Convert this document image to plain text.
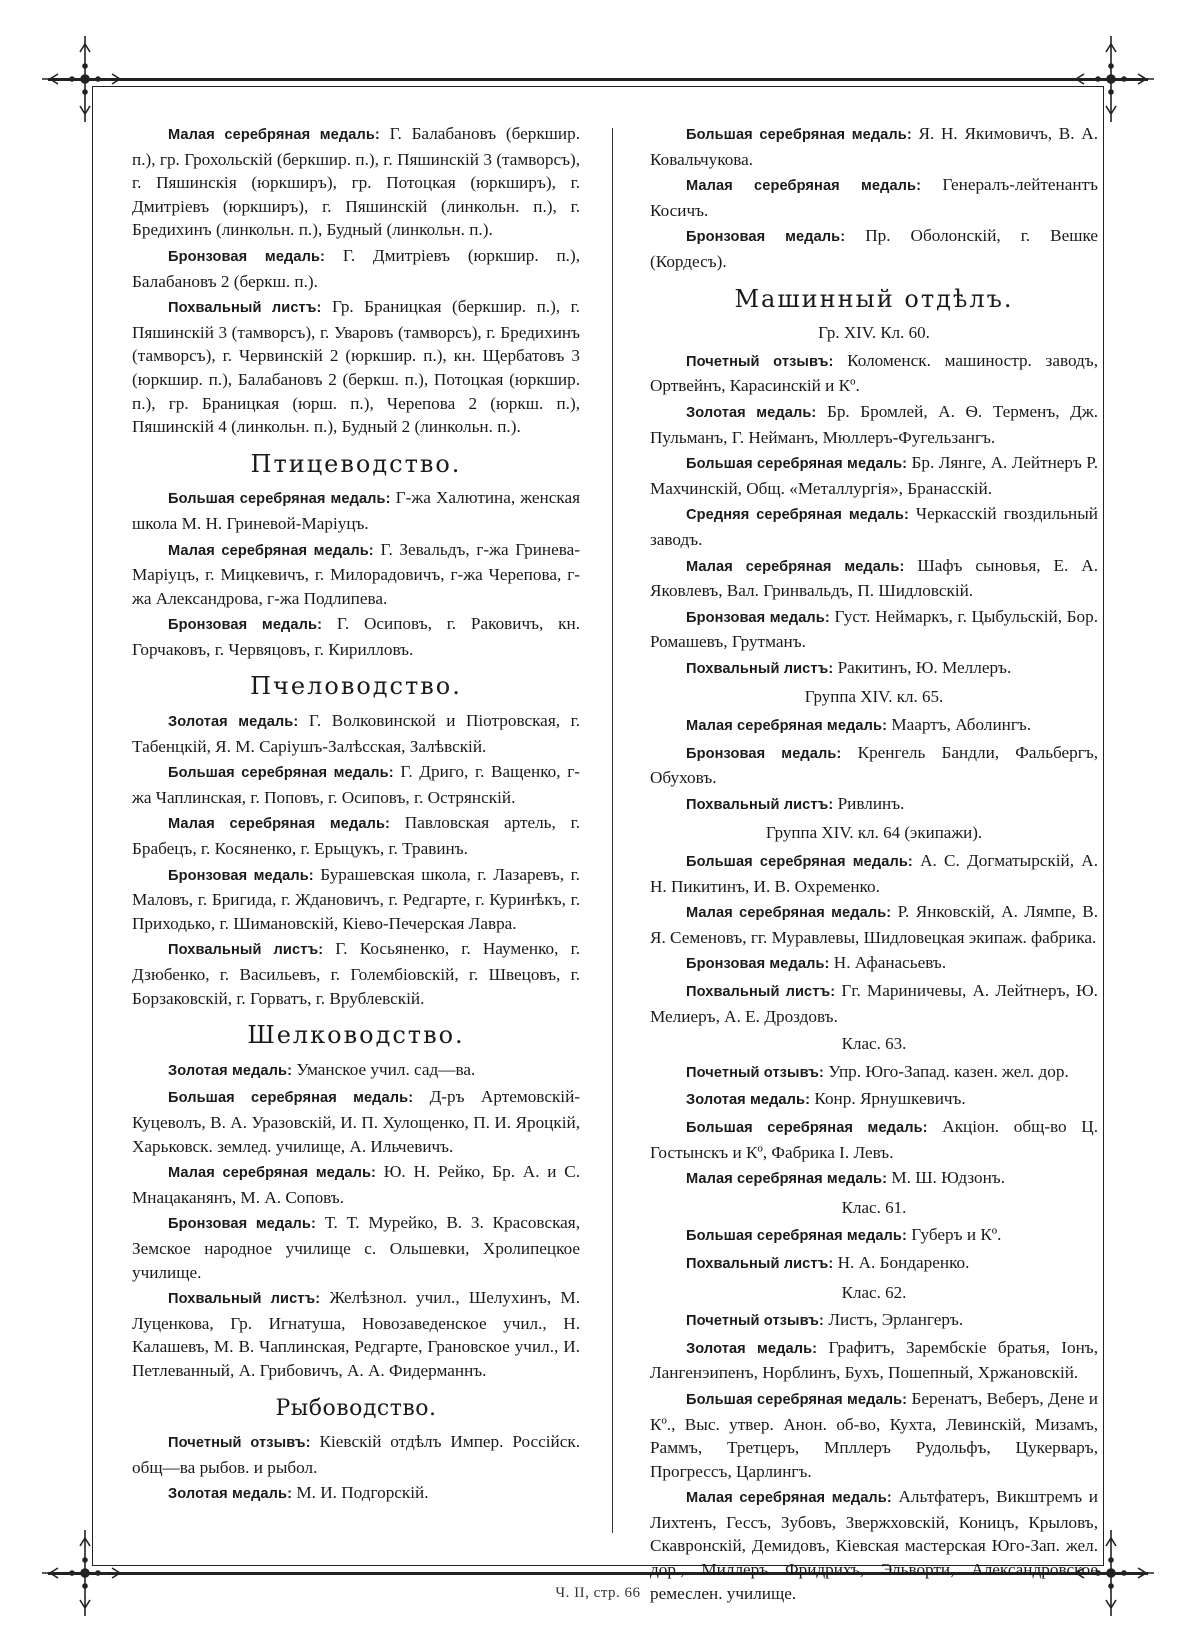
Малая серебряная медаль: Г. Балабановъ (беркшир. п.), гр. Грохольскій (беркшир. п.), г. Пяшинскій 3 (тамворсъ), г. Пяшинскія (юркширъ), гр. Потоцкая (юркширъ), г. Дмитріевъ (юркширъ), г. Пяшинскій (линкольн. п.), г. Бредихинъ (линкольн. п.), Будный (линкольн. п.).

Бронзовая медаль: Г. Дмитріевъ (юркшир. п.), Балабановъ 2 (беркш. п.).

Похвальный листъ: Гр. Браницкая (беркшир. п.), г. Пяшинскій 3 (тамворсъ), г. Уваровъ (тамворсъ), г. Бредихинъ (тамворсъ), г. Червинскій 2 (юркшир. п.), кн. Щербатовъ 3 (юркшир. п.), Балабановъ 2 (беркш. п.), Потоцкая (юркшир. п.), гр. Браницкая (юрш. п.), Черепова 2 (юркш. п.), Пяшинскій 4 (линкольн. п.), Будный 2 (линкольн. п.).

Птицеводство.

Большая серебряная медаль: Г-жа Халютина, женская школа М. Н. Гриневой-Маріуцъ.

Малая серебряная медаль: Г. Зевальдъ, г-жа Гринева-Маріуцъ, г. Мицкевичъ, г. Милорадовичъ, г-жа Черепова, г-жа Александрова, г-жа Подлипева.

Бронзовая медаль: Г. Осиповъ, г. Раковичъ, кн. Горчаковъ, г. Червяцовъ, г. Кирилловъ.

Пчеловодство.

Золотая медаль: Г. Волковинской и Піотровская, г. Табенцкій, Я. М. Саріушъ-Залѣсская, Залѣвскій.

Большая серебряная медаль: Г. Дриго, г. Ващенко, г-жа Чаплинская, г. Поповъ, г. Осиповъ, г. Острянскій.

Малая серебряная медаль: Павловская артель, г. Брабецъ, г. Косяненко, г. Ерыцукъ, г. Травинъ.

Бронзовая медаль: Бурашевская школа, г. Лазаревъ, г. Маловъ, г. Бригида, г. Ждановичъ, г. Редгарте, г. Куринѣкъ, г. Приходько, г. Шимановскій, Кіево-Печерская Лавра.

Похвальный листъ: Г. Косьяненко, г. Науменко, г. Дзюбенко, г. Васильевъ, г. Голембіовскій, г. Швецовъ, г. Борзаковскій, г. Горватъ, г. Врублевскій.

Шелководство.

Золотая медаль: Уманское учил. сад—ва.

Большая серебряная медаль: Д-ръ Артемовскій-Куцеволъ, В. А. Уразовскій, И. П. Хулощенко, П. И. Яроцкій, Харьковск. землед. училище, А. Ильчевичъ.

Малая серебряная медаль: Ю. Н. Рейко, Бр. А. и С. Мнацаканянъ, М. А. Соповъ.

Бронзовая медаль: Т. Т. Мурейко, В. З. Красовская, Земское народное училище с. Ольшевки, Хролипецкое училище.

Похвальный листъ: Желѣзнол. учил., Шелухинъ, М. Луценкова, Гр. Игнатуша, Новозаведенское учил., Н. Калашевъ, М. В. Чаплинская, Редгарте, Грановское учил., И. Петлеванный, А. Грибовичъ, А. А. Фидерманнъ.

Рыбоводство.

Почетный отзывъ: Кіевскій отдѣлъ Импер. Россійск. общ—ва рыбов. и рыбол.

Золотая медаль: М. И. Подгорскій.

Большая серебряная медаль: Я. Н. Якимовичъ, В. А. Ковальчукова.

Малая серебряная медаль: Генералъ-лейтенантъ Косичъ.

Бронзовая медаль: Пр. Оболонскій, г. Вешке (Кордесъ).

Машинный отдѣлъ.
Гр. XIV. Кл. 60.

Почетный отзывъ: Коломенск. машиностр. заводъ, Ортвейнъ, Карасинскій и Кº.

Золотая медаль: Бр. Бромлей, А. Ѳ. Терменъ, Дж. Пульманъ, Г. Нейманъ, Мюллеръ-Фугельзангъ.

Большая серебряная медаль: Бр. Лянге, А. Лейтнеръ Р. Махчинскій, Общ. «Металлургія», Бранасскій.

Средняя серебряная медаль: Черкасскій гвоздильный заводъ.

Малая серебряная медаль: Шафъ сыновья, Е. А. Яковлевъ, Вал. Гринвальдъ, П. Шидловскій.

Бронзовая медаль: Густ. Неймаркъ, г. Цыбульскій, Бор. Ромашевъ, Грутманъ.

Похвальный листъ: Ракитинъ, Ю. Меллеръ.

Группа XIV. кл. 65.

Малая серебряная медаль: Маартъ, Аболингъ.

Бронзовая медаль: Кренгель Бандли, Фальбергъ, Обуховъ.

Похвальный листъ: Ривлинъ.

Группа XIV. кл. 64 (экипажи).

Большая серебряная медаль: А. С. Догматырскій, А. Н. Пикитинъ, И. В. Охременко.

Малая серебряная медаль: Р. Янковскій, А. Лямпе, В. Я. Семеновъ, гг. Муравлевы, Шидловецкая экипаж. фабрика.

Бронзовая медаль: Н. Афанасьевъ.

Похвальный листъ: Гг. Мариничевы, А. Лейтнеръ, Ю. Мелиеръ, А. Е. Дроздовъ.

Клас. 63.

Почетный отзывъ: Упр. Юго-Запад. казен. жел. дор.

Золотая медаль: Конр. Ярнушкевичъ.

Большая серебряная медаль: Акціон. общ-во Ц. Гостынскъ и Кº, Фабрика І. Левъ.

Малая серебряная медаль: М. Ш. Юдзонъ.

Клас. 61.

Большая серебряная медаль: Губеръ и Кº.

Похвальный листъ: Н. А. Бондаренко.

Клас. 62.

Почетный отзывъ: Листъ, Эрлангеръ.

Золотая медаль: Графитъ, Зарембскіе братья, Іонъ, Лангенэипенъ, Норблинъ, Бухъ, Пошепный, Хржановскій.

Большая серебряная медаль: Беренатъ, Веберъ, Дене и Кº., Выс. утвер. Анон. об-во, Кухта, Левинскій, Мизамъ, Раммъ, Третцеръ, Мпллеръ Рудольфъ, Цукерваръ, Прогрессъ, Царлингъ.

Малая серебряная медаль: Альтфатеръ, Викштремъ и Лихтенъ, Гессъ, Зубовъ, Звержховскій, Коницъ, Крыловъ, Скавронскій, Демидовъ, Кіевская мастерская Юго-Зап. жел. дор., Миллеръ Фридрихъ, Эльворти, Александровское ремеслен. училище.

Ч. II, стр. 66
